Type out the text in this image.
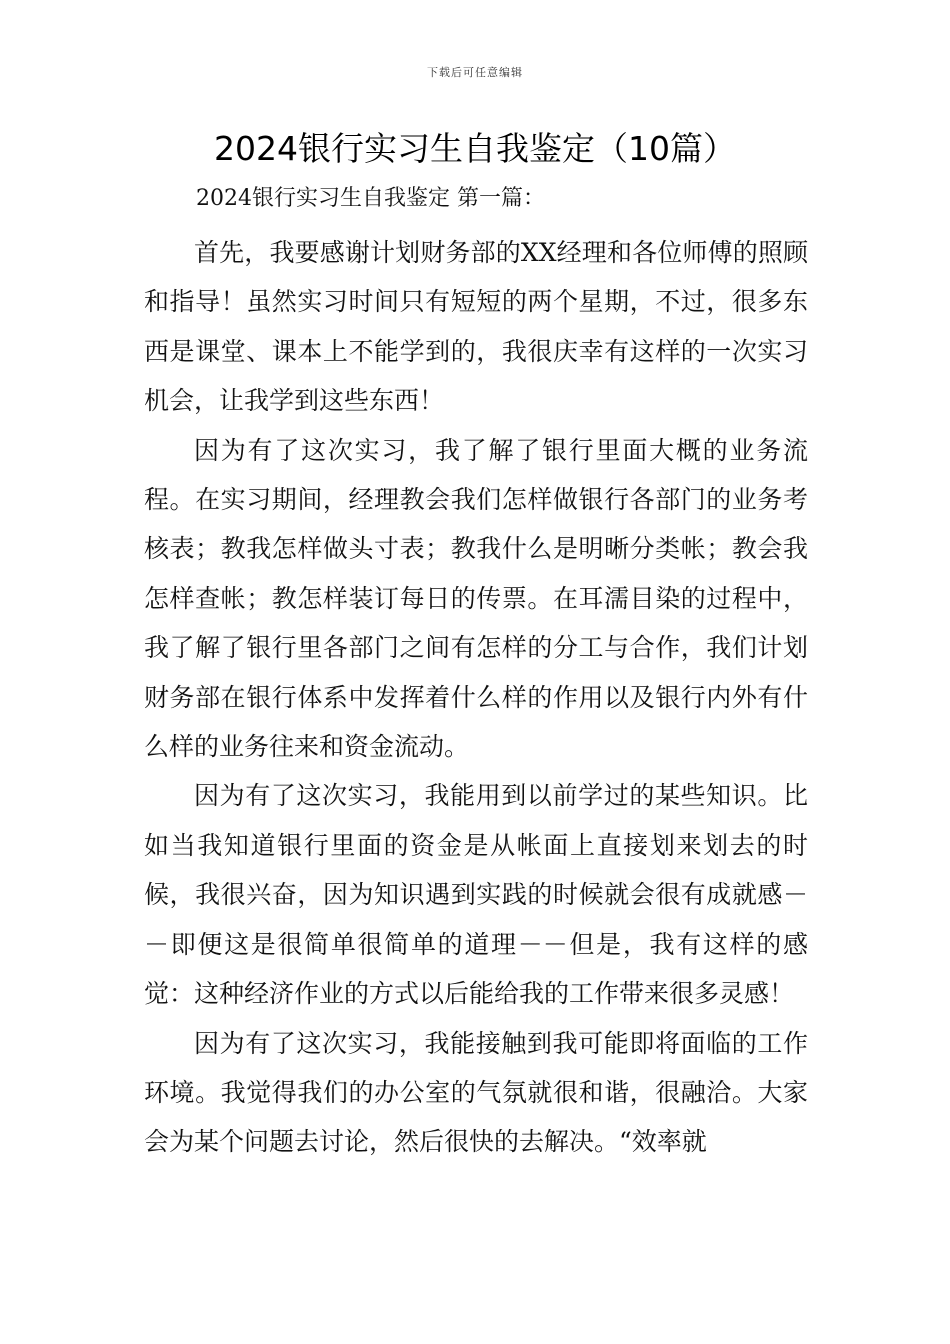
下载后可任意编辑
2024银行实习生自我鉴定（10篇）
2024银行实习生自我鉴定 第一篇：

首先，我要感谢计划财务部的XX经理和各位师傅的照顾和指导！虽然实习时间只有短短的两个星期，不过，很多东西是课堂、课本上不能学到的，我很庆幸有这样的一次实习机会，让我学到这些东西！

因为有了这次实习，我了解了银行里面大概的业务流程。在实习期间，经理教会我们怎样做银行各部门的业务考核表；教我怎样做头寸表；教我什么是明晰分类帐；教会我怎样查帐；教怎样装订每日的传票。在耳濡目染的过程中，我了解了银行里各部门之间有怎样的分工与合作，我们计划财务部在银行体系中发挥着什么样的作用以及银行内外有什么样的业务往来和资金流动。

因为有了这次实习，我能用到以前学过的某些知识。比如当我知道银行里面的资金是从帐面上直接划来划去的时候，我很兴奋，因为知识遇到实践的时候就会很有成就感－－即便这是很简单很简单的道理－－但是，我有这样的感觉：这种经济作业的方式以后能给我的工作带来很多灵感！

因为有了这次实习，我能接触到我可能即将面临的工作环境。我觉得我们的办公室的气氛就很和谐，很融洽。大家会为某个问题去讨论，然后很快的去解决。“效率就
